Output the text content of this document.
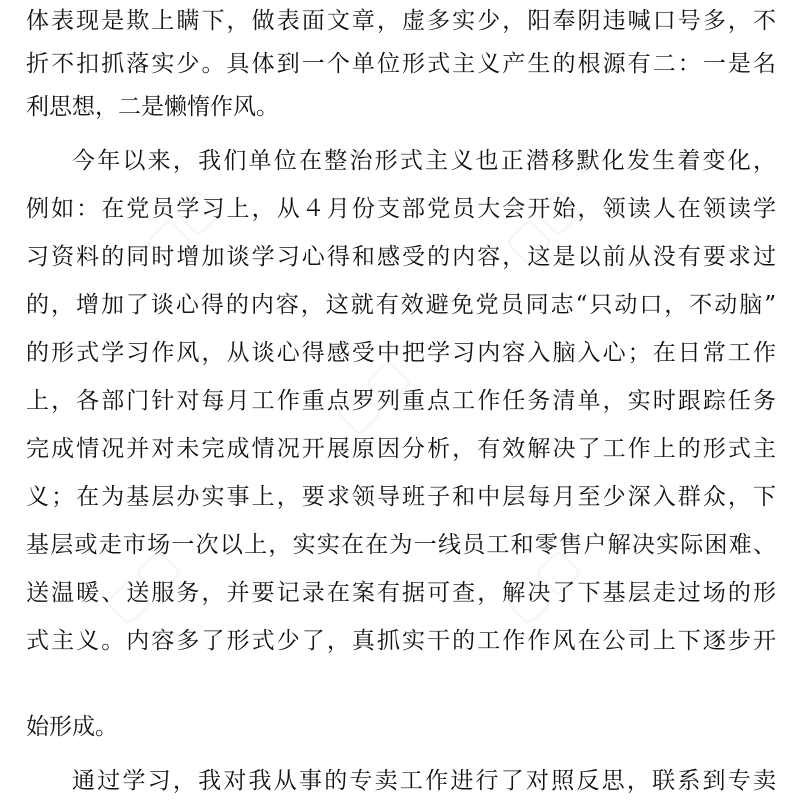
体表现是欺上瞒下，做表面文章，虚多实少，阳奉阴违喊口号多，不
折不扣抓落实少。具体到一个单位形式主义产生的根源有二：一是名
利思想，二是懒惰作风。
今年以来，我们单位在整治形式主义也正潜移默化发生着变化，
例如：在党员学习上，从４月份支部党员大会开始，领读人在领读学
习资料的同时增加谈学习心得和感受的内容，这是以前从没有要求过
的，增加了谈心得的内容，这就有效避免党员同志“只动口，不动脑”
的形式学习作风，从谈心得感受中把学习内容入脑入心；在日常工作
上，各部门针对每月工作重点罗列重点工作任务清单，实时跟踪任务
完成情况并对未完成情况开展原因分析，有效解决了工作上的形式主
义；在为基层办实事上，要求领导班子和中层每月至少深入群众，下
基层或走市场一次以上，实实在在为一线员工和零售户解决实际困难、
送温暖、送服务，并要记录在案有据可查，解决了下基层走过场的形
式主义。内容多了形式少了，真抓实干的工作作风在公司上下逐步开
始形成。
通过学习，我对我从事的专卖工作进行了对照反思，联系到专卖
